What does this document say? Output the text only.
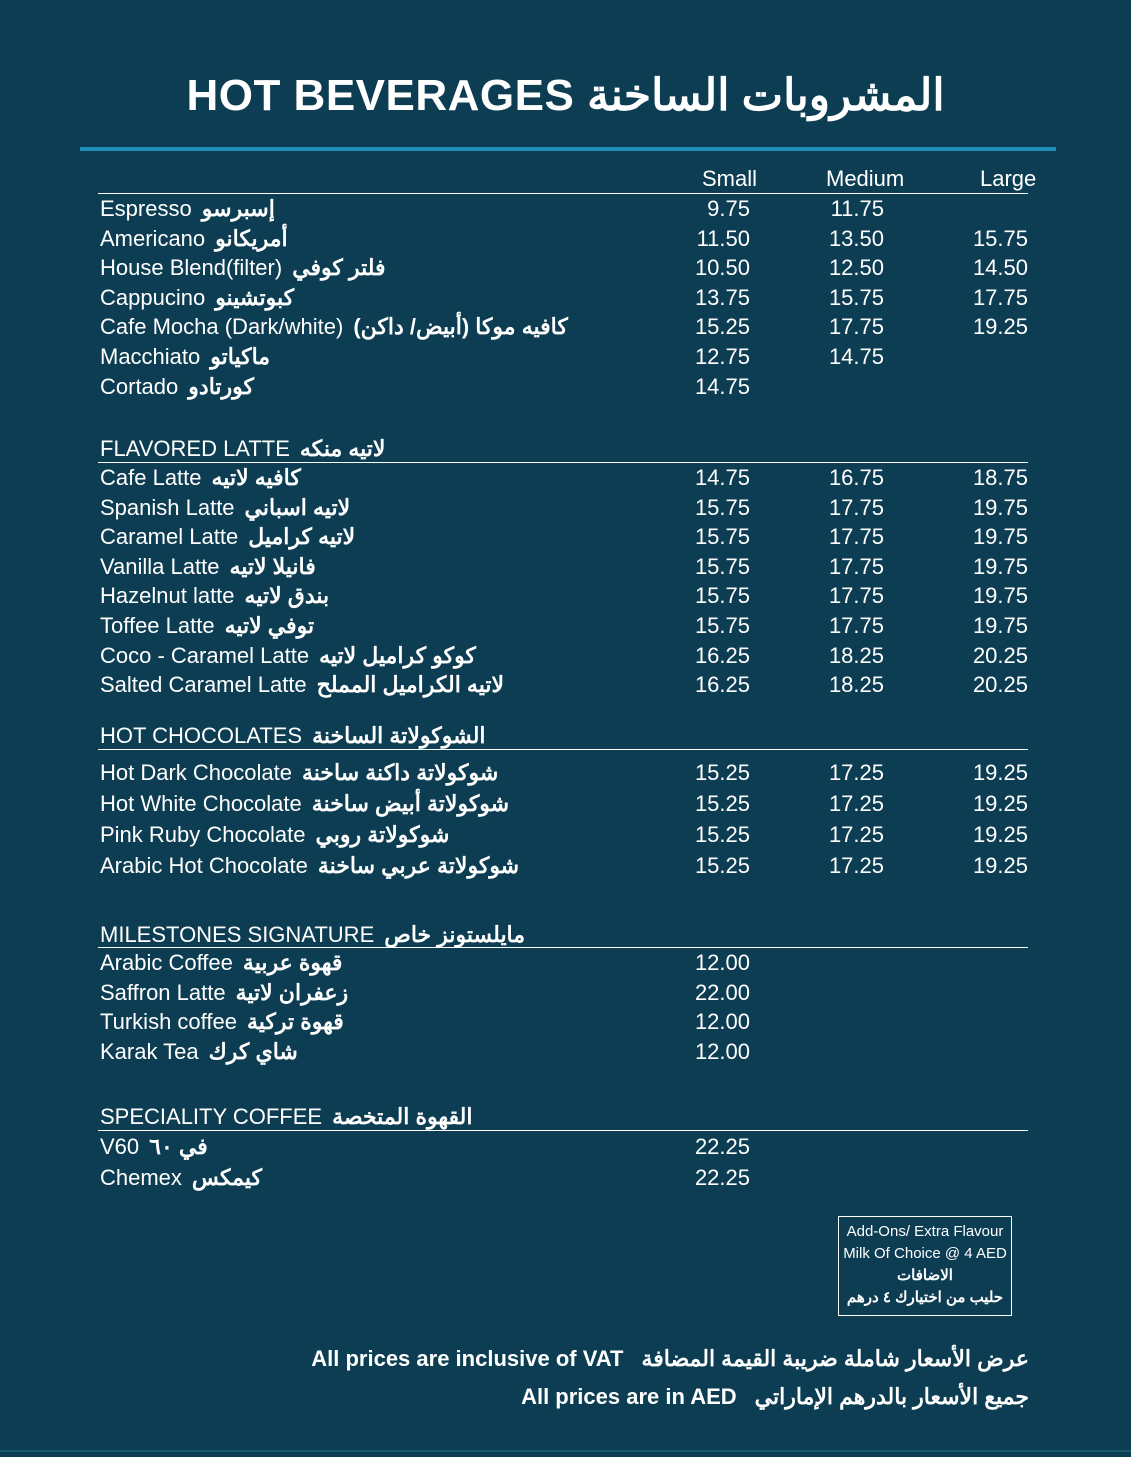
HOT BEVERAGES المشروبات الساخنة
Small	Medium	Large
Espresso إسبرسو	9.75	11.75
Americano أمريكانو	11.50	13.50	15.75
House Blend(filter) فلتر كوفي	10.50	12.50	14.50
Cappucino كبوتشينو	13.75	15.75	17.75
Cafe Mocha (Dark/white) كافيه موكا (أبيض/ داكن)	15.25	17.75	19.25
Macchiato ماكياتو	12.75	14.75
Cortado كورتادو	14.75
FLAVORED LATTE لاتيه منكه
Cafe Latte كافيه لاتيه	14.75	16.75	18.75
Spanish Latte لاتيه اسباني	15.75	17.75	19.75
Caramel Latte لاتيه كراميل	15.75	17.75	19.75
Vanilla Latte فانيلا لاتيه	15.75	17.75	19.75
Hazelnut latte بندق لاتيه	15.75	17.75	19.75
Toffee Latte توفي لاتيه	15.75	17.75	19.75
Coco - Caramel Latte كوكو كراميل لاتيه	16.25	18.25	20.25
Salted Caramel Latte لاتيه الكراميل المملح	16.25	18.25	20.25
HOT CHOCOLATES الشوكولاتة الساخنة
Hot Dark Chocolate شوكولاتة داكنة ساخنة	15.25	17.25	19.25
Hot White Chocolate شوكولاتة أبيض ساخنة	15.25	17.25	19.25
Pink Ruby Chocolate شوكولاتة روبي	15.25	17.25	19.25
Arabic Hot Chocolate شوكولاتة عربي ساخنة	15.25	17.25	19.25
MILESTONES SIGNATURE مايلستونز خاص
Arabic Coffee قهوة عربية	12.00
Saffron Latte زعفران لاتية	22.00
Turkish coffee قهوة تركية	12.00
Karak Tea شاي كرك	12.00
SPECIALITY COFFEE القهوة المتخصة
V60 في ٦٠	22.25
Chemex كيمكس	22.25
Add-Ons/ Extra Flavour
Milk Of Choice @ 4 AED
الاضافات
حليب من اختيارك ٤ درهم
All prices are inclusive of VAT عرض الأسعار شاملة ضريبة القيمة المضافة
All prices are in AED جميع الأسعار بالدرهم الإماراتي
